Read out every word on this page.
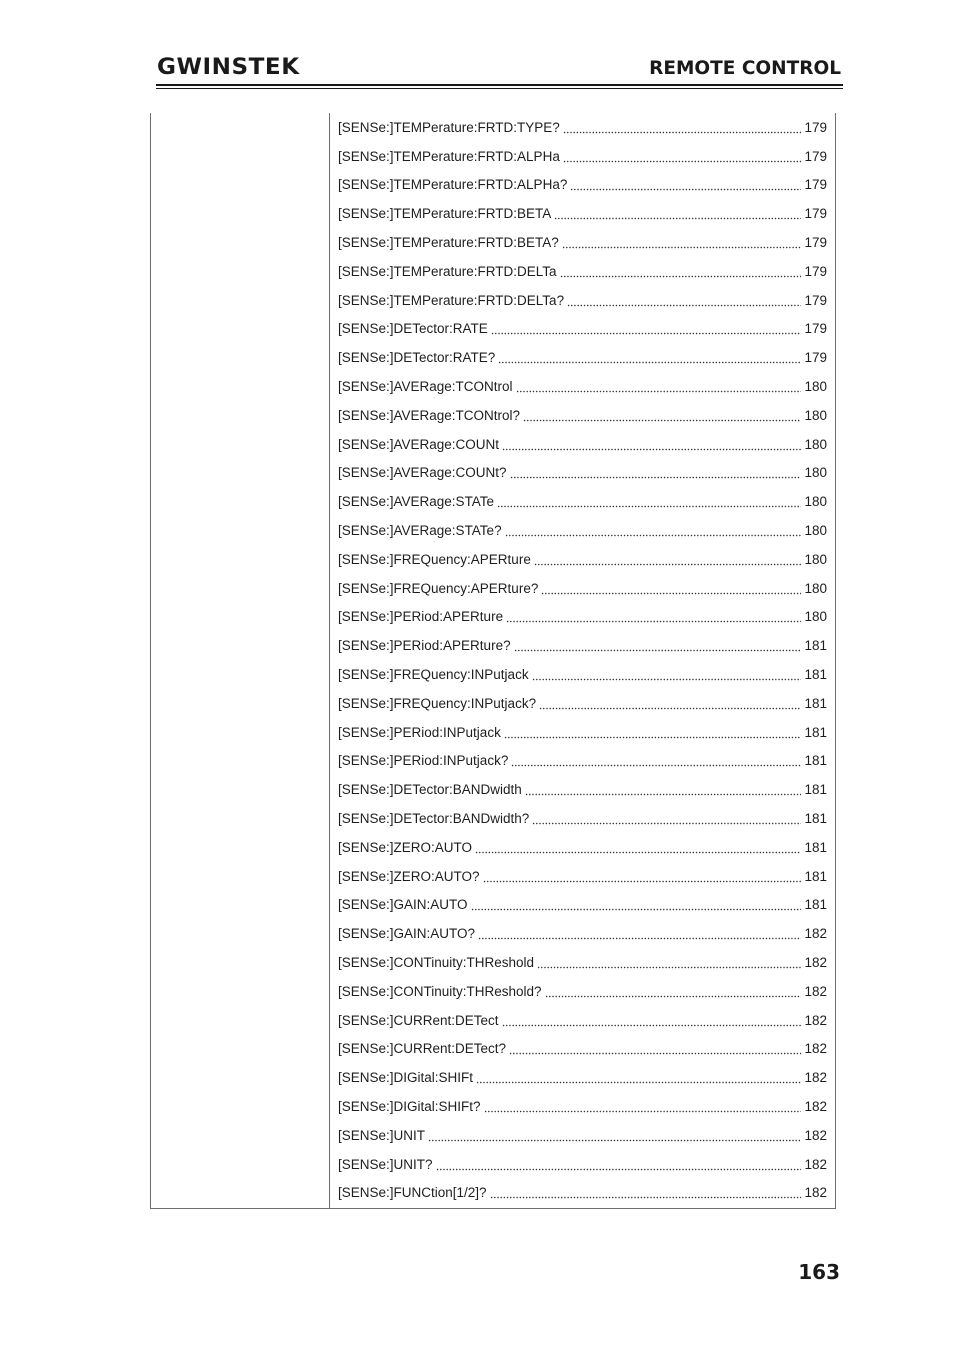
GWINSTEK	REMOTE CONTROL
[SENSe:]TEMPerature:FRTD:TYPE?	179
[SENSe:]TEMPerature:FRTD:ALPHa	179
[SENSe:]TEMPerature:FRTD:ALPHa?	179
[SENSe:]TEMPerature:FRTD:BETA	179
[SENSe:]TEMPerature:FRTD:BETA?	179
[SENSe:]TEMPerature:FRTD:DELTa	179
[SENSe:]TEMPerature:FRTD:DELTa?	179
[SENSe:]DETector:RATE	179
[SENSe:]DETector:RATE?	179
[SENSe:]AVERage:TCONtrol	180
[SENSe:]AVERage:TCONtrol?	180
[SENSe:]AVERage:COUNt	180
[SENSe:]AVERage:COUNt?	180
[SENSe:]AVERage:STATe	180
[SENSe:]AVERage:STATe?	180
[SENSe:]FREQuency:APERture	180
[SENSe:]FREQuency:APERture?	180
[SENSe:]PERiod:APERture	180
[SENSe:]PERiod:APERture?	181
[SENSe:]FREQuency:INPutjack	181
[SENSe:]FREQuency:INPutjack?	181
[SENSe:]PERiod:INPutjack	181
[SENSe:]PERiod:INPutjack?	181
[SENSe:]DETector:BANDwidth	181
[SENSe:]DETector:BANDwidth?	181
[SENSe:]ZERO:AUTO	181
[SENSe:]ZERO:AUTO?	181
[SENSe:]GAIN:AUTO	181
[SENSe:]GAIN:AUTO?	182
[SENSe:]CONTinuity:THReshold	182
[SENSe:]CONTinuity:THReshold?	182
[SENSe:]CURRent:DETect	182
[SENSe:]CURRent:DETect?	182
[SENSe:]DIGital:SHIFt	182
[SENSe:]DIGital:SHIFt?	182
[SENSe:]UNIT	182
[SENSe:]UNIT?	182
[SENSe:]FUNCtion[1/2]?	182
163
